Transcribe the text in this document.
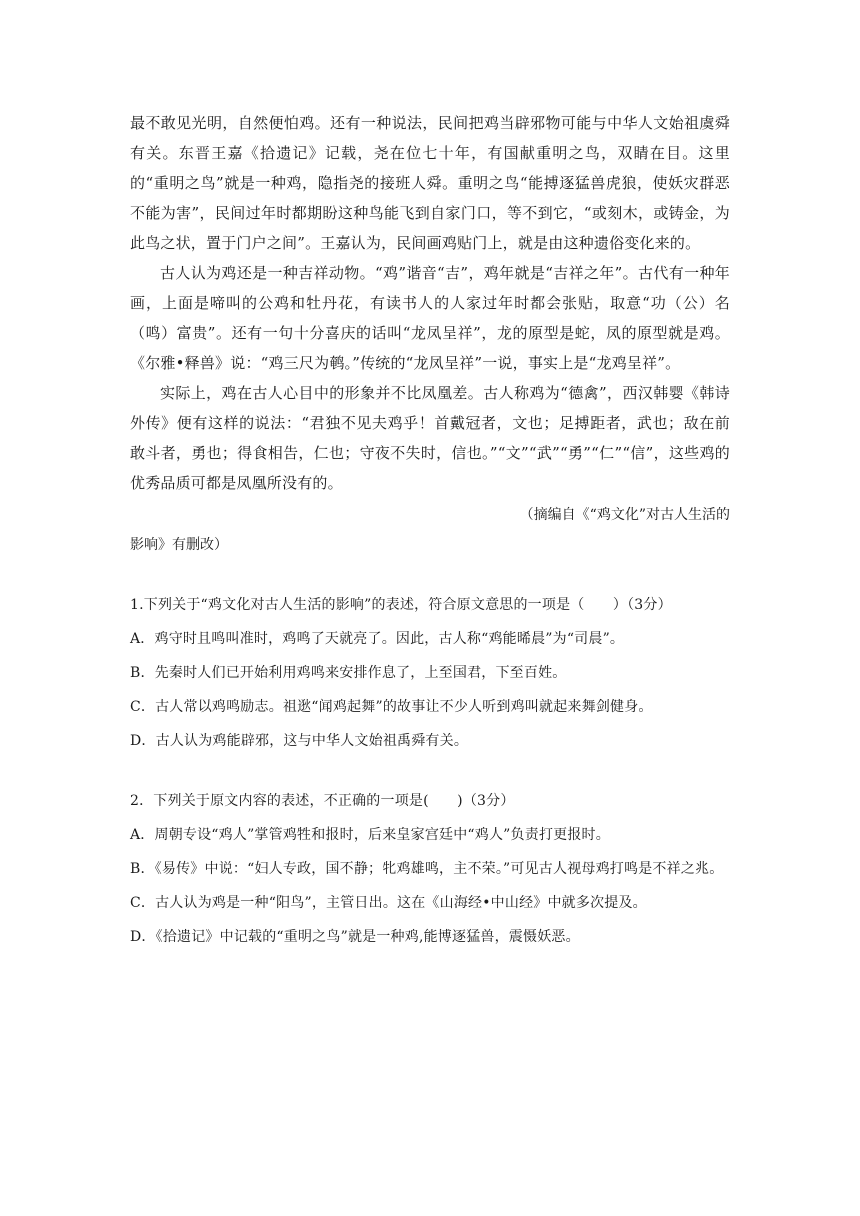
最不敢见光明，自然便怕鸡。还有一种说法，民间把鸡当辟邪物可能与中华人文始祖虞舜有关。东晋王嘉《拾遗记》记载，尧在位七十年，有国献重明之鸟，双睛在目。这里的“重明之鸟”就是一种鸡，隐指尧的接班人舜。重明之鸟“能搏逐猛兽虎狼，使妖灾群恶不能为害”，民间过年时都期盼这种鸟能飞到自家门口，等不到它，“或刻木，或铸金，为此鸟之状，置于门户之间”。王嘉认为，民间画鸡贴门上，就是由这种遗俗变化来的。

古人认为鸡还是一种吉祥动物。“鸡”谐音“吉”，鸡年就是“吉祥之年”。古代有一种年画，上面是啼叫的公鸡和牡丹花，有读书人的人家过年时都会张贴，取意“功（公）名（鸣）富贵”。还有一句十分喜庆的话叫“龙凤呈祥”，龙的原型是蛇，凤的原型就是鸡。《尔雅•释兽》说：“鸡三尺为鹌。”传统的“龙凤呈祥”一说，事实上是“龙鸡呈祥”。

实际上，鸡在古人心目中的形象并不比凤凰差。古人称鸡为“德禽”，西汉韩婴《韩诗外传》便有这样的说法：“君独不见夫鸡乎！首戴冠者，文也；足搏距者，武也；敌在前敢斗者，勇也；得食相告，仁也；守夜不失时，信也。”“文”“武”“勇”“仁”“信”，这些鸡的优秀品质可都是凤凰所没有的。

（摘编自《“鸡文化”对古人生活的

影响》有删改）

1.下列关于“鸡文化对古人生活的影响”的表述，符合原文意思的一项是（　　）（3分）

A．鸡守时且鸣叫准时，鸡鸣了天就亮了。因此，古人称“鸡能晞晨”为“司晨”。

B．先秦时人们已开始利用鸡鸣来安排作息了，上至国君，下至百姓。

C．古人常以鸡鸣励志。祖逖“闻鸡起舞”的故事让不少人听到鸡叫就起来舞剑健身。

D．古人认为鸡能辟邪，这与中华人文始祖禹舜有关。

2．下列关于原文内容的表述，不正确的一项是(　　)（3分）

A．周朝专设“鸡人”掌管鸡牲和报时，后来皇家宫廷中“鸡人”负责打更报时。

B．《易传》中说：“妇人专政，国不静；牝鸡雄鸣，主不荣。”可见古人视母鸡打鸣是不祥之兆。

C．古人认为鸡是一种“阳鸟”，主管日出。这在《山海经•中山经》中就多次提及。

D．《拾遗记》中记载的“重明之鸟”就是一种鸡,能博逐猛兽，震慑妖恶。
